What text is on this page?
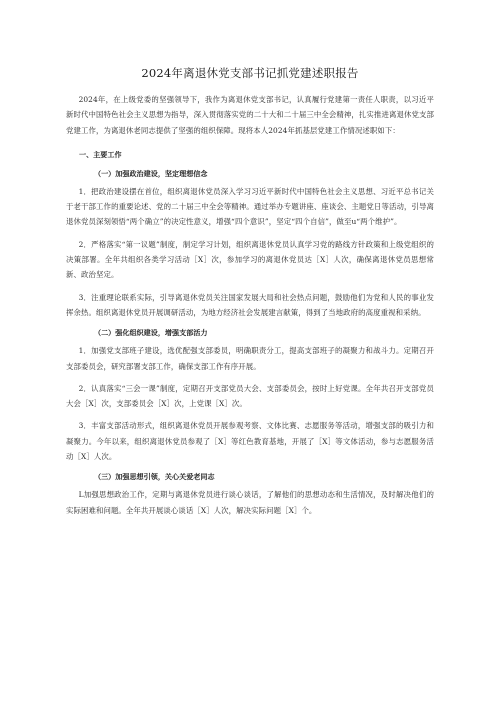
2024年离退休党支部书记抓党建述职报告

2024年，在上级党委的坚强领导下，我作为离退休党支部书记，认真履行党建第一责任人职责，以习近平新时代中国特色社会主义思想为指导，深入贯彻落实党的二十大和二十届三中全会精神，扎实推进离退休党支部党建工作，为离退休老同志提供了坚强的组织保障。现将本人2024年抓基层党建工作情况述职如下：

一、主要工作
（一）加强政治建设，坚定理想信念

1．把政治建设摆在首位，组织离退休党员深入学习习近平新时代中国特色社会主义思想、习近平总书记关于老干部工作的重要论述、党的二十届三中全会等精神。通过举办专题讲座、座谈会、主题党日等活动，引导离退休党员深刻领悟“两个确立”的决定性意义，增强“四个意识”，坚定“四个自信”，做至u“两个维护”。

2．严格落实“第一议题”制度，制定学习计划，组织离退休党员认真学习党的路线方针政策和上级党组织的决策部署。全年共组织各类学习活动［X］次，参加学习的离退休党员达［X］人次，确保离退休党员思想常新、政治坚定。

3．注重理论联系实际，引导离退休党员关注国家发展大局和社会热点问题，鼓励他们为党和人民的事业发挥余热。组织离退休党员开展调研活动，为地方经济社会发展建言献策，得到了当地政府的高度重视和采纳。

（二）强化组织建设，增强支部活力

1．加强党支部班子建设，选优配强支部委员，明确职责分工，提高支部班子的凝聚力和战斗力。定期召开支部委员会，研究部署支部工作，确保支部工作有序开展。

2．认真落实“三会一课”制度，定期召开支部党员大会、支部委员会，按时上好党课。全年共召开支部党员大会［X］次，支部委员会［X］次，上党课［X］次。

3．丰富支部活动形式，组织离退休党员开展参观考察、文体比赛、志愿服务等活动，增强支部的吸引力和凝聚力。今年以来，组织离退休党员参观了［X］等红色教育基地，开展了［X］等文体活动，参与志愿服务活动［X］人次。

（三）加强思想引领，关心关爱老同志

L加强思想政治工作，定期与离退休党员进行谈心谈话，了解他们的思想动态和生活情况，及时解决他们的实际困难和问题。全年共开展谈心谈话［X］人次，解决实际问题［X］个。
